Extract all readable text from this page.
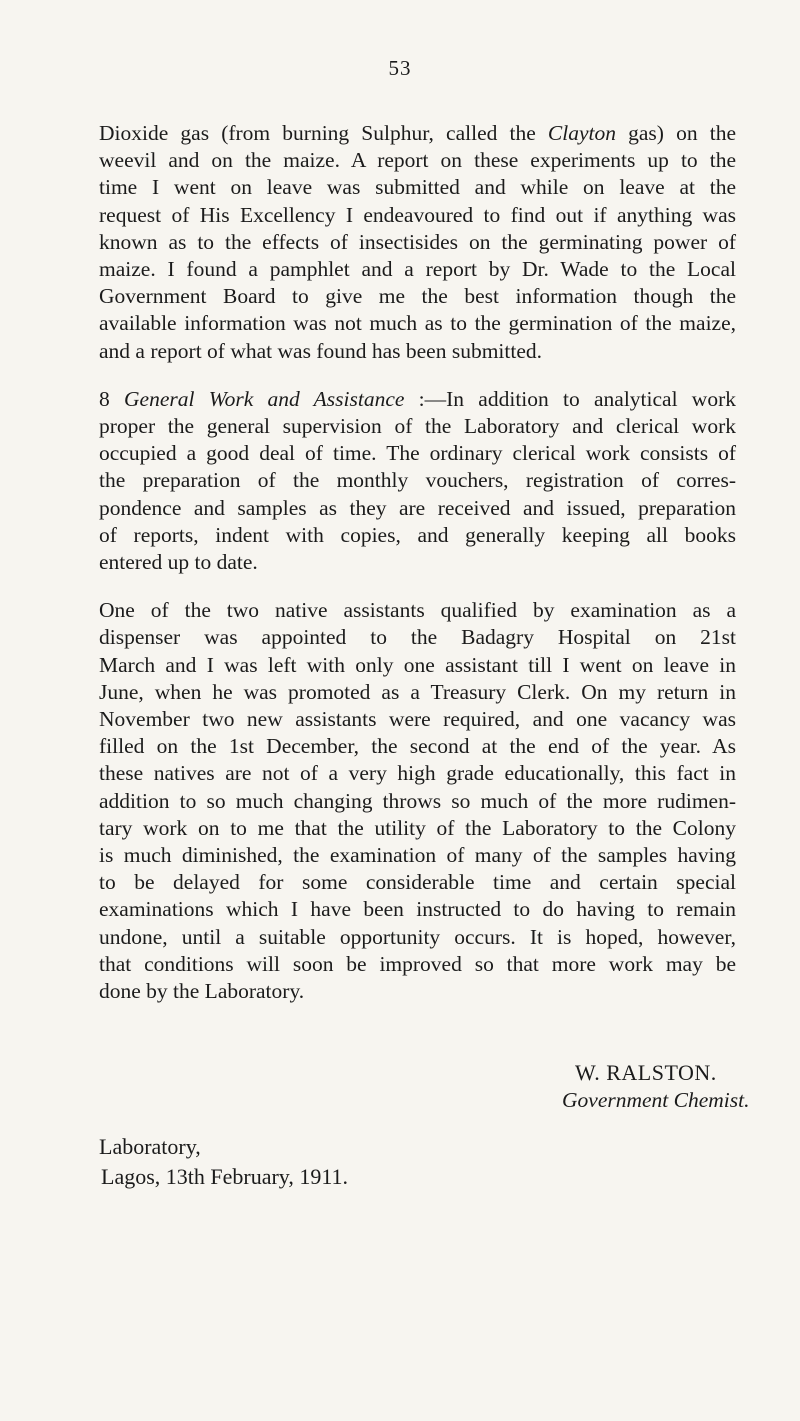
53
Dioxide gas (from burning Sulphur, called the Clayton gas) on the
weevil and on the maize. A report on these experiments up to the
time I went on leave was submitted and while on leave at the
request of His Excellency I endeavoured to find out if anything was
known as to the effects of insectisides on the germinating power of
maize. I found a pamphlet and a report by Dr. Wade to the Local
Government Board to give me the best information though the
available information was not much as to the germination of the maize,
and a report of what was found has been submitted.
8 General Work and Assistance :—In addition to analytical work
proper the general supervision of the Laboratory and clerical work
occupied a good deal of time. The ordinary clerical work consists of
the preparation of the monthly vouchers, registration of corres-
pondence and samples as they are received and issued, preparation
of reports, indent with copies, and generally keeping all books
entered up to date.
One of the two native assistants qualified by examination as a
dispenser was appointed to the Badagry Hospital on 21st
March and I was left with only one assistant till I went on leave in
June, when he was promoted as a Treasury Clerk. On my return in
November two new assistants were required, and one vacancy was
filled on the 1st December, the second at the end of the year. As
these natives are not of a very high grade educationally, this fact in
addition to so much changing throws so much of the more rudimen-
tary work on to me that the utility of the Laboratory to the Colony
is much diminished, the examination of many of the samples having
to be delayed for some considerable time and certain special
examinations which I have been instructed to do having to remain
undone, until a suitable opportunity occurs. It is hoped, however,
that conditions will soon be improved so that more work may be
done by the Laboratory.
W. RALSTON.
Government Chemist.
Laboratory,
Lagos, 13th February, 1911.
